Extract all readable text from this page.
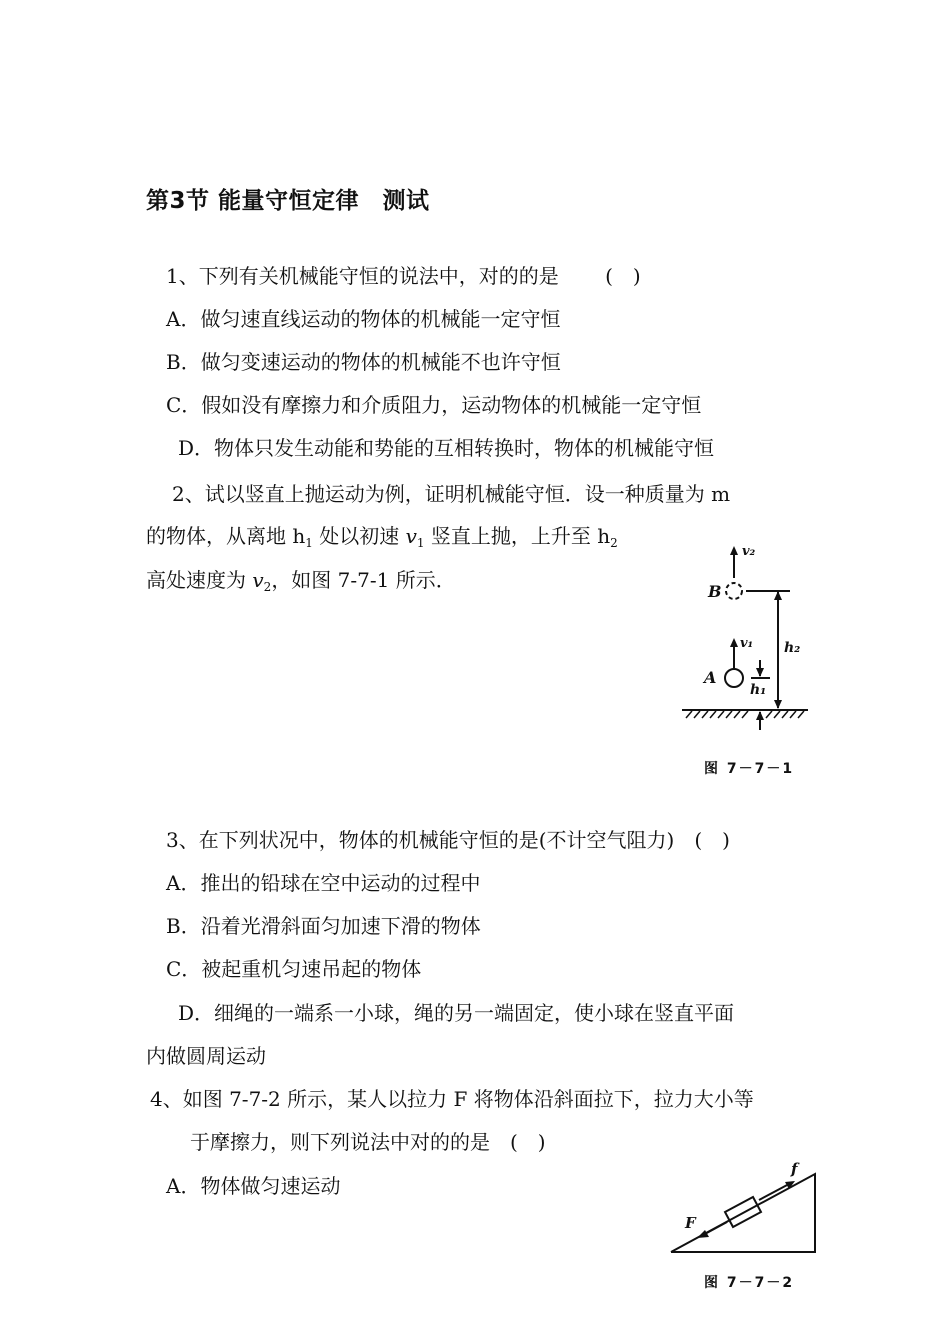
第3节 能量守恒定律　测试
1、下列有关机械能守恒的说法中，对的的是　　 (　)
A．做匀速直线运动的物体的机械能一定守恒
B．做匀变速运动的物体的机械能不也许守恒
C．假如没有摩擦力和介质阻力，运动物体的机械能一定守恒
D．物体只发生动能和势能的互相转换时，物体的机械能守恒
2、试以竖直上抛运动为例，证明机械能守恒．设一种质量为 m
的物体，从离地 $h_1$ 处以初速 $v_1$ 竖直上抛，上升至 $h_2$
高处速度为 $v_2$，如图 7-7-1 所示．
v₂
B
v₁ h₂
A
h₁
图 7－7－1
3、在下列状况中，物体的机械能守恒的是(不计空气阻力)　(　)
A．推出的铅球在空中运动的过程中
B．沿着光滑斜面匀加速下滑的物体
C．被起重机匀速吊起的物体
D．细绳的一端系一小球，绳的另一端固定，使小球在竖直平面
内做圆周运动
4、如图 7-7-2 所示，某人以拉力 F 将物体沿斜面拉下，拉力大小等
于摩擦力，则下列说法中对的的是　(　)
A．物体做匀速运动
f
F
图 7－7－2
